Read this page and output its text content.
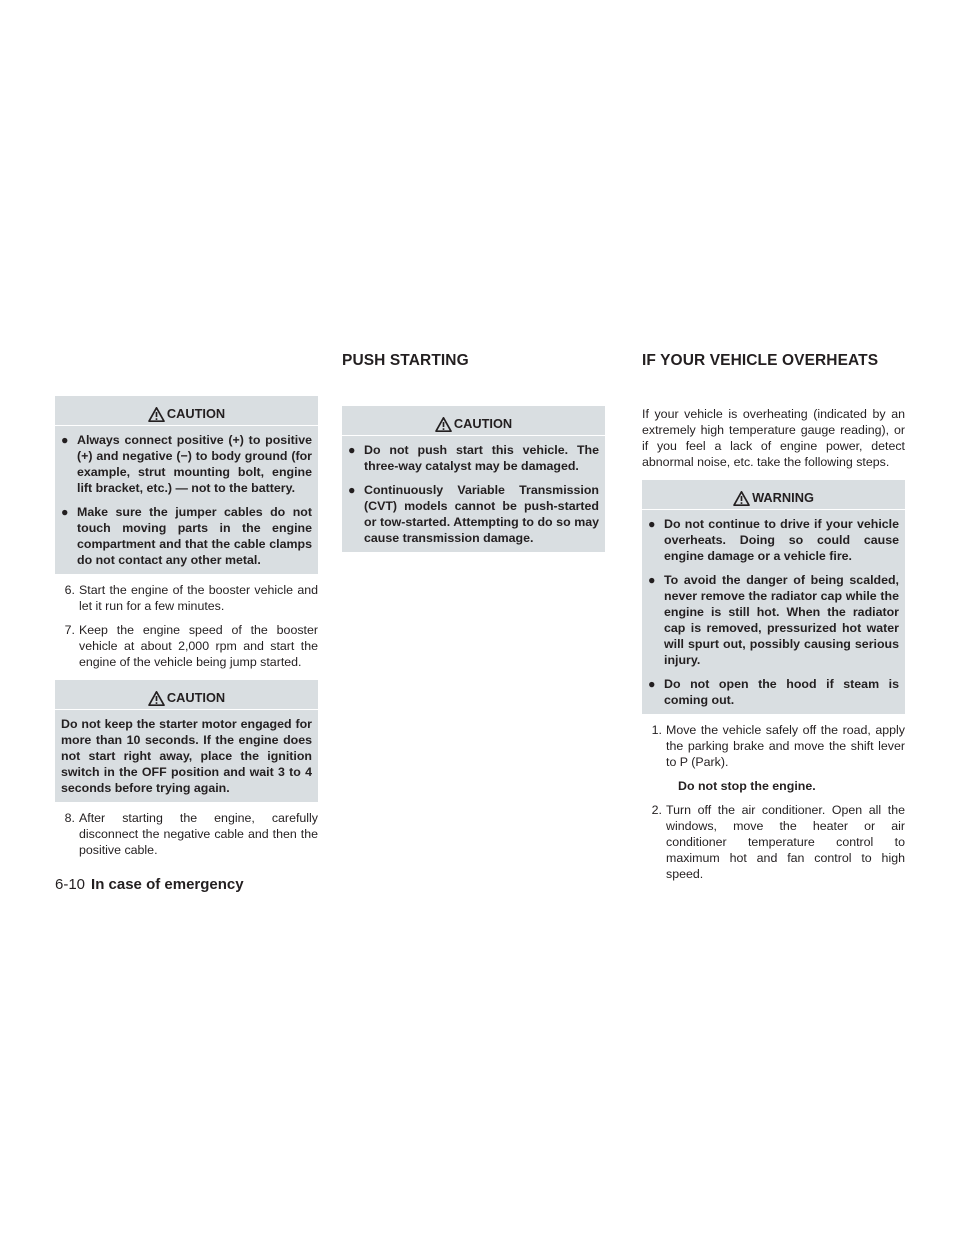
CAUTION
● Always connect positive (+) to positive (+) and negative (−) to body ground (for example, strut mounting bolt, engine lift bracket, etc.) — not to the battery.
● Make sure the jumper cables do not touch moving parts in the engine compartment and that the cable clamps do not contact any other metal.
6. Start the engine of the booster vehicle and let it run for a few minutes.
7. Keep the engine speed of the booster vehicle at about 2,000 rpm and start the engine of the vehicle being jump started.
CAUTION
Do not keep the starter motor engaged for more than 10 seconds. If the engine does not start right away, place the ignition switch in the OFF position and wait 3 to 4 seconds before trying again.
8. After starting the engine, carefully disconnect the negative cable and then the positive cable.
PUSH STARTING
CAUTION
● Do not push start this vehicle. The three-way catalyst may be damaged.
● Continuously Variable Transmission (CVT) models cannot be push-started or tow-started. Attempting to do so may cause transmission damage.
IF YOUR VEHICLE OVERHEATS

If your vehicle is overheating (indicated by an extremely high temperature gauge reading), or if you feel a lack of engine power, detect abnormal noise, etc. take the following steps.

WARNING
● Do not continue to drive if your vehicle overheats. Doing so could cause engine damage or a vehicle fire.
● To avoid the danger of being scalded, never remove the radiator cap while the engine is still hot. When the radiator cap is removed, pressurized hot water will spurt out, possibly causing serious injury.
● Do not open the hood if steam is coming out.
1. Move the vehicle safely off the road, apply the parking brake and move the shift lever to P (Park).
Do not stop the engine.
2. Turn off the air conditioner. Open all the windows, move the heater or air conditioner temperature control to maximum hot and fan control to high speed.
6-10 In case of emergency
